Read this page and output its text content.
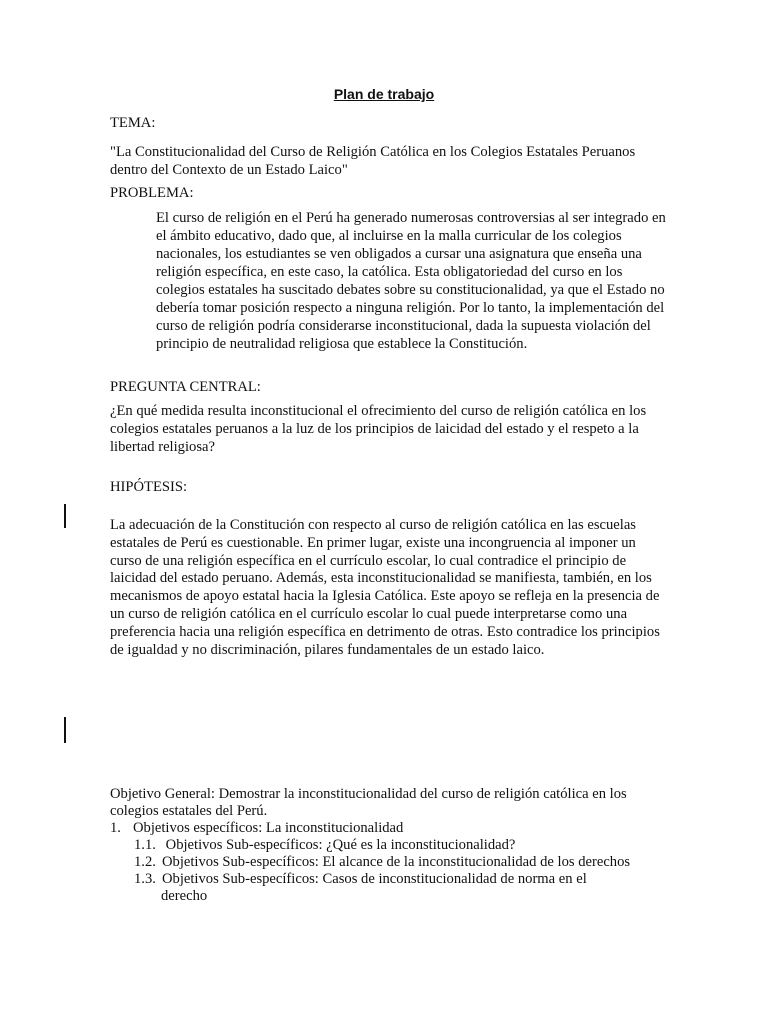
Plan de trabajo

TEMA:

"La Constitucionalidad del Curso de Religión Católica en los Colegios Estatales Peruanos dentro del Contexto de un Estado Laico"

PROBLEMA:

El curso de religión en el Perú ha generado numerosas controversias al ser integrado en el ámbito educativo, dado que, al incluirse en la malla curricular de los colegios nacionales, los estudiantes se ven obligados a cursar una asignatura que enseña una religión específica, en este caso, la católica. Esta obligatoriedad del curso en los colegios estatales ha suscitado debates sobre su constitucionalidad, ya que el Estado no debería tomar posición respecto a ninguna religión. Por lo tanto, la implementación del curso de religión podría considerarse inconstitucional, dada la supuesta violación del principio de neutralidad religiosa que establece la Constitución.

PREGUNTA CENTRAL:

¿En qué medida resulta inconstitucional el ofrecimiento del curso de religión católica en los colegios estatales peruanos a la luz de los principios de laicidad del estado y el respeto a la libertad religiosa?

HIPÓTESIS:

La adecuación de la Constitución con respecto al curso de religión católica en las escuelas estatales de Perú es cuestionable. En primer lugar, existe una incongruencia al imponer un curso de una religión específica en el currículo escolar, lo cual contradice el principio de laicidad del estado peruano. Además, esta inconstitucionalidad se manifiesta, también, en los mecanismos de apoyo estatal hacia la Iglesia Católica. Este apoyo se refleja en la presencia de un curso de religión católica en el currículo escolar lo cual puede interpretarse como una preferencia hacia una religión específica en detrimento de otras. Esto contradice los principios de igualdad y no discriminación, pilares fundamentales de un estado laico.

Objetivo General: Demostrar la inconstitucionalidad del curso de religión católica en los colegios estatales del Perú.

1. Objetivos específicos: La inconstitucionalidad
1.1. Objetivos Sub-específicos: ¿Qué es la inconstitucionalidad?
1.2. Objetivos Sub-específicos: El alcance de la inconstitucionalidad de los derechos
1.3. Objetivos Sub-específicos: Casos de inconstitucionalidad de norma en el
derecho
